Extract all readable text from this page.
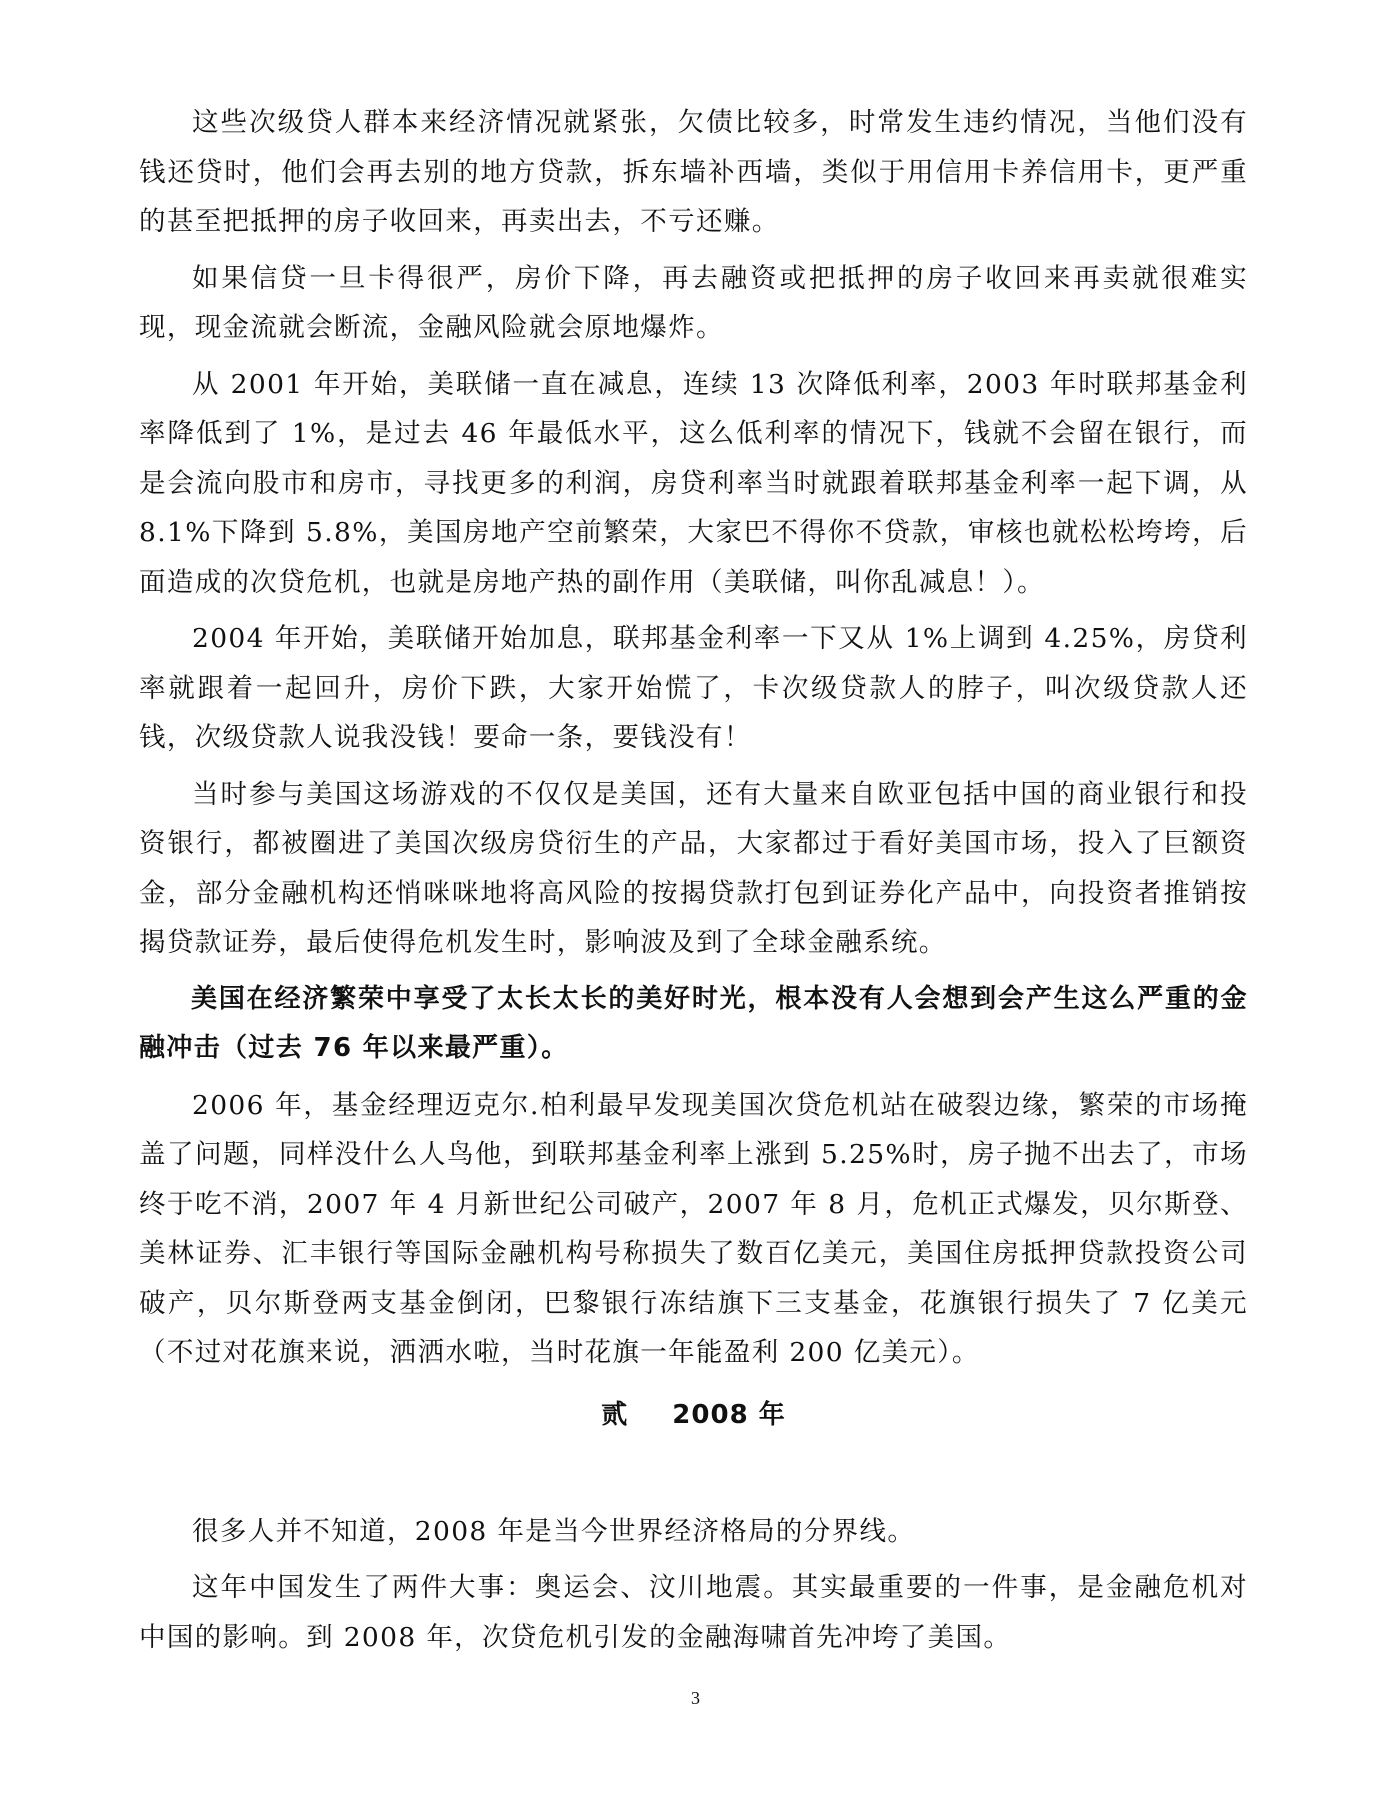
这些次级贷人群本来经济情况就紧张，欠债比较多，时常发生违约情况，当他们没有钱还贷时，他们会再去别的地方贷款，拆东墙补西墙，类似于用信用卡养信用卡，更严重的甚至把抵押的房子收回来，再卖出去，不亏还赚。

如果信贷一旦卡得很严，房价下降，再去融资或把抵押的房子收回来再卖就很难实现，现金流就会断流，金融风险就会原地爆炸。

从 2001 年开始，美联储一直在减息，连续 13 次降低利率，2003 年时联邦基金利率降低到了 1%，是过去 46 年最低水平，这么低利率的情况下，钱就不会留在银行，而是会流向股市和房市，寻找更多的利润，房贷利率当时就跟着联邦基金利率一起下调，从 8.1%下降到 5.8%，美国房地产空前繁荣，大家巴不得你不贷款，审核也就松松垮垮，后面造成的次贷危机，也就是房地产热的副作用（美联储，叫你乱减息！）。

2004 年开始，美联储开始加息，联邦基金利率一下又从 1%上调到 4.25%，房贷利率就跟着一起回升，房价下跌，大家开始慌了，卡次级贷款人的脖子，叫次级贷款人还钱，次级贷款人说我没钱！要命一条，要钱没有！

当时参与美国这场游戏的不仅仅是美国，还有大量来自欧亚包括中国的商业银行和投资银行，都被圈进了美国次级房贷衍生的产品，大家都过于看好美国市场，投入了巨额资金，部分金融机构还悄咪咪地将高风险的按揭贷款打包到证券化产品中，向投资者推销按揭贷款证券，最后使得危机发生时，影响波及到了全球金融系统。

美国在经济繁荣中享受了太长太长的美好时光，根本没有人会想到会产生这么严重的金融冲击（过去 76 年以来最严重）。

2006 年，基金经理迈克尔.柏利最早发现美国次贷危机站在破裂边缘，繁荣的市场掩盖了问题，同样没什么人鸟他，到联邦基金利率上涨到 5.25%时，房子抛不出去了，市场终于吃不消，2007 年 4 月新世纪公司破产，2007 年 8 月，危机正式爆发，贝尔斯登、美林证券、汇丰银行等国际金融机构号称损失了数百亿美元，美国住房抵押贷款投资公司破产，贝尔斯登两支基金倒闭，巴黎银行冻结旗下三支基金，花旗银行损失了 7 亿美元（不过对花旗来说，洒洒水啦，当时花旗一年能盈利 200 亿美元）。

贰 2008 年

很多人并不知道，2008 年是当今世界经济格局的分界线。

这年中国发生了两件大事：奥运会、汶川地震。其实最重要的一件事，是金融危机对中国的影响。到 2008 年，次贷危机引发的金融海啸首先冲垮了美国。

3
